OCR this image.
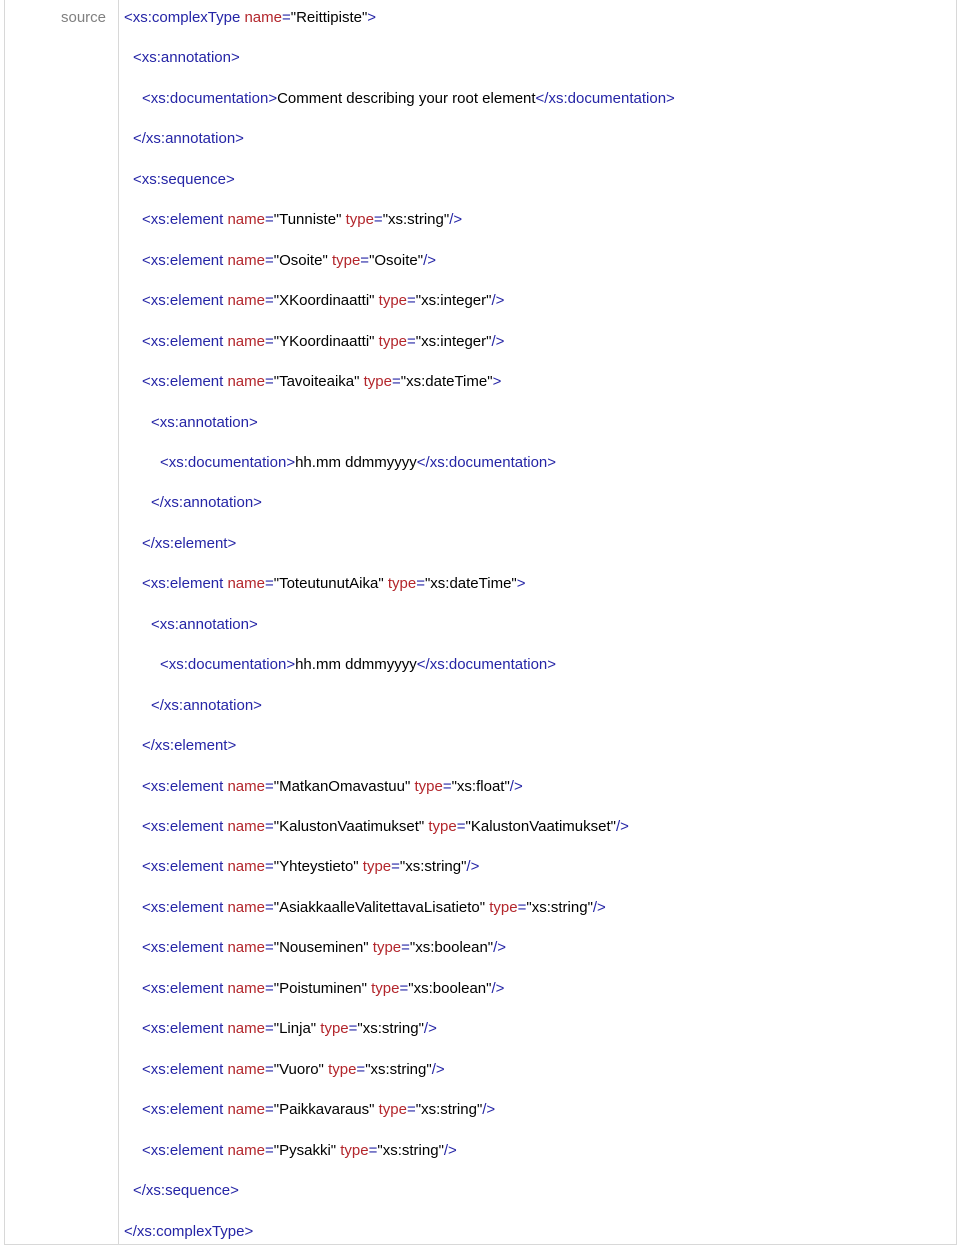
source <xs:complexType name="Reittipiste">
<xs:annotation>
<xs:documentation>Comment describing your root element</xs:documentation>
</xs:annotation>
<xs:sequence>
<xs:element name="Tunniste" type="xs:string"/>
<xs:element name="Osoite" type="Osoite"/>
<xs:element name="XKoordinaatti" type="xs:integer"/>
<xs:element name="YKoordinaatti" type="xs:integer"/>
<xs:element name="Tavoiteaika" type="xs:dateTime">
<xs:annotation>
<xs:documentation>hh.mm ddmmyyyy</xs:documentation>
</xs:annotation>
</xs:element>
<xs:element name="ToteutunutAika" type="xs:dateTime">
<xs:annotation>
<xs:documentation>hh.mm ddmmyyyy</xs:documentation>
</xs:annotation>
</xs:element>
<xs:element name="MatkanOmavastuu" type="xs:float"/>
<xs:element name="KalustonVaatimukset" type="KalustonVaatimukset"/>
<xs:element name="Yhteystieto" type="xs:string"/>
<xs:element name="AsiakkaalleValitettavaLisatieto" type="xs:string"/>
<xs:element name="Nouseminen" type="xs:boolean"/>
<xs:element name="Poistuminen" type="xs:boolean"/>
<xs:element name="Linja" type="xs:string"/>
<xs:element name="Vuoro" type="xs:string"/>
<xs:element name="Paikkavaraus" type="xs:string"/>
<xs:element name="Pysakki" type="xs:string"/>
</xs:sequence>
</xs:complexType>
